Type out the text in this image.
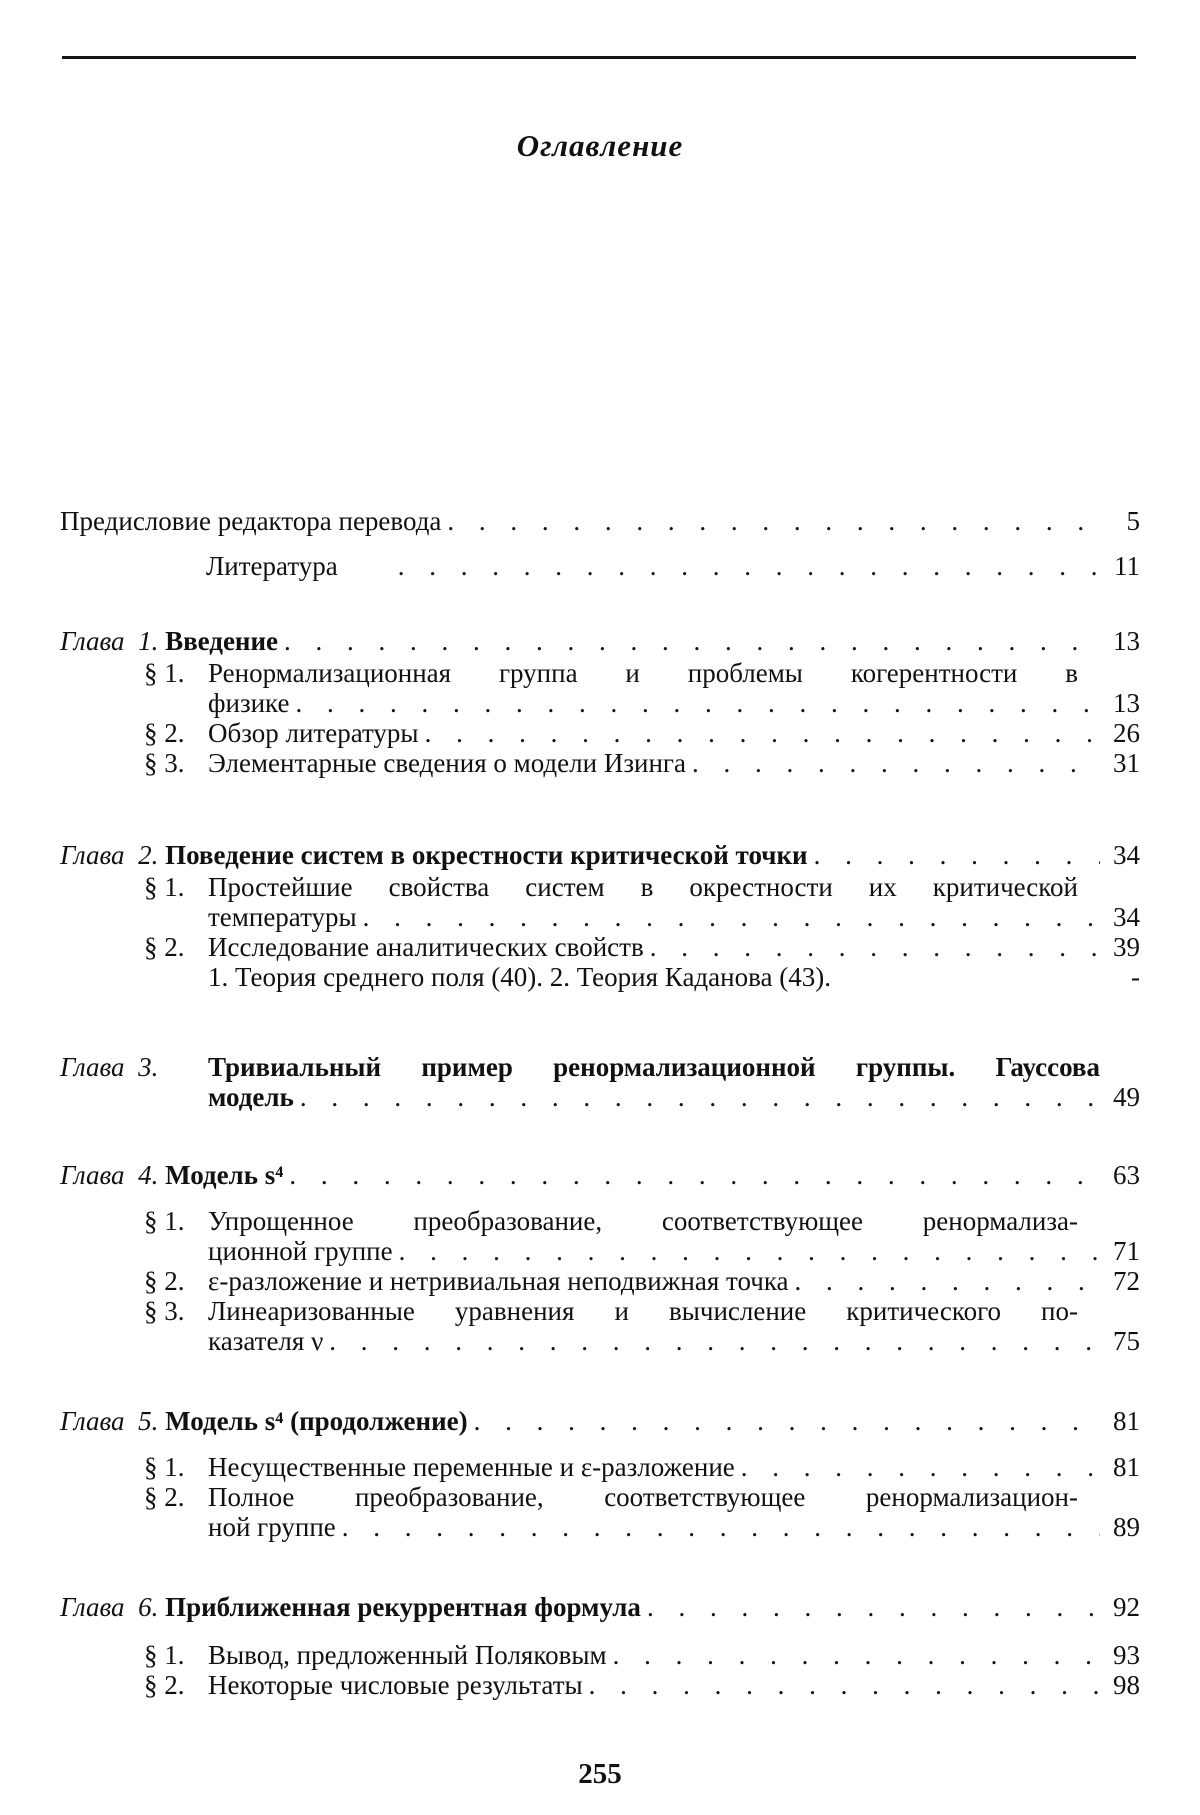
Оглавление
Предисловие редактора перевода . . .	5
Литература . . .	11
Глава 1. Введение . . .	13
§ 1. Ренормализационная группа и проблемы когерентности в
физике . . .	13
§ 2. Обзор литературы . . .	26
§ 3. Элементарные сведения о модели Изинга . . .	31
Глава 2. Поведение систем в окрестности критической точки . . .	34
§ 1. Простейшие свойства систем в окрестности их критической
температуры . . .	34
§ 2. Исследование аналитических свойств . . .	39
1. Теория среднего поля (40). 2. Теория Каданова (43).	-
Глава 3. Тривиальный пример ренормализационной группы. Гауссова
модель . . .	49
Глава 4. Модель s⁴ . . .	63
§ 1. Упрощенное преобразование, соответствующее ренормализа-
ционной группе . . .	71
§ 2. ε-разложение и нетривиальная неподвижная точка . . .	72
§ 3. Линеаризованные уравнения и вычисление критического по-
казателя ν . . .	75
Глава 5. Модель s⁴ (продолжение) . . .	81
§ 1. Несущественные переменные и ε-разложение . . .	81
§ 2. Полное преобразование, соответствующее ренормализацион-
ной группе . . .	89
Глава 6. Приближенная рекуррентная формула . . .	92
§ 1. Вывод, предложенный Поляковым . . .	93
§ 2. Некоторые числовые результаты . . .	98
255
